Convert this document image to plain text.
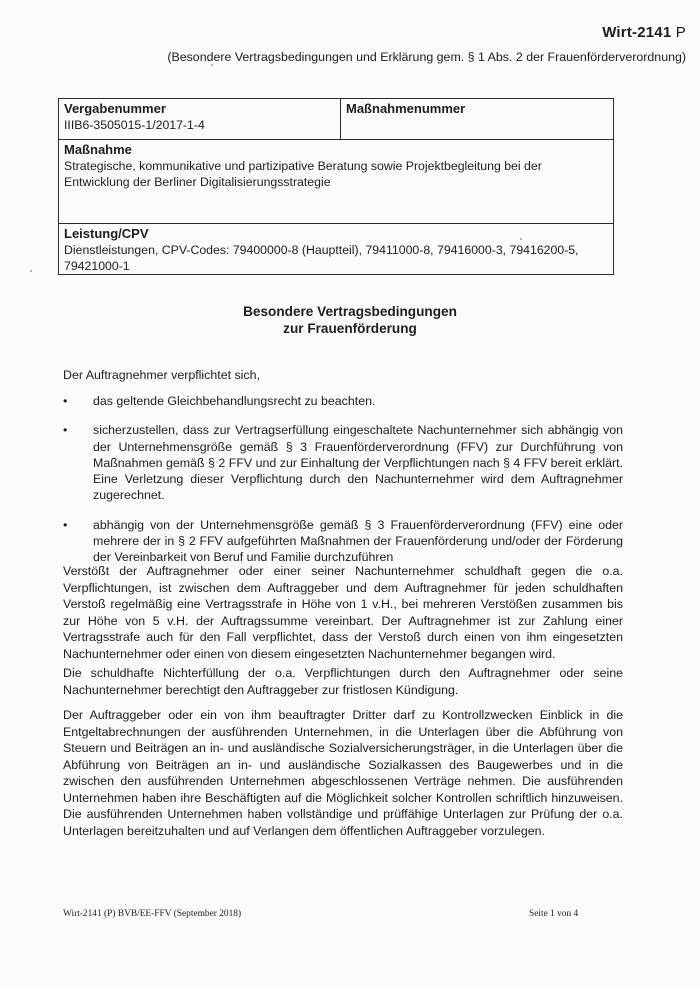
Wirt-2141 P
(Besondere Vertragsbedingungen und Erklärung gem. § 1 Abs. 2 der Frauenförderverordnung)
Vergabenummer
IIIB6-3505015-1/2017-1-4

Maßnahmenummer

Maßnahme
Strategische, kommunikative und partizipative Beratung sowie Projektbegleitung bei der Entwicklung der Berliner Digitalisierungsstrategie

Leistung/CPV
Dienstleistungen, CPV-Codes: 79400000-8 (Hauptteil), 79411000-8, 79416000-3, 79416200-5, 79421000-1
Besondere Vertragsbedingungen
zur Frauenförderung
Der Auftragnehmer verpflichtet sich,
• das geltende Gleichbehandlungsrecht zu beachten.
• sicherzustellen, dass zur Vertragserfüllung eingeschaltete Nachunternehmer sich abhängig von der Unternehmensgröße gemäß § 3 Frauenförderverordnung (FFV) zur Durchführung von Maßnahmen gemäß § 2 FFV und zur Einhaltung der Verpflichtungen nach § 4 FFV bereit erklärt. Eine Verletzung dieser Verpflichtung durch den Nachunternehmer wird dem Auftragnehmer zugerechnet.
• abhängig von der Unternehmensgröße gemäß § 3 Frauenförderverordnung (FFV) eine oder mehrere der in § 2 FFV aufgeführten Maßnahmen der Frauenförderung und/oder der Förderung der Vereinbarkeit von Beruf und Familie durchzuführen
Verstößt der Auftragnehmer oder einer seiner Nachunternehmer schuldhaft gegen die o.a. Verpflichtungen, ist zwischen dem Auftraggeber und dem Auftragnehmer für jeden schuldhaften Verstoß regelmäßig eine Vertragsstrafe in Höhe von 1 v.H., bei mehreren Verstößen zusammen bis zur Höhe von 5 v.H. der Auftragssumme vereinbart. Der Auftragnehmer ist zur Zahlung einer Vertragsstrafe auch für den Fall verpflichtet, dass der Verstoß durch einen von ihm eingesetzten Nachunternehmer oder einen von diesem eingesetzten Nachunternehmer begangen wird.
Die schuldhafte Nichterfüllung der o.a. Verpflichtungen durch den Auftragnehmer oder seine Nachunternehmer berechtigt den Auftraggeber zur fristlosen Kündigung.
Der Auftraggeber oder ein von ihm beauftragter Dritter darf zu Kontrollzwecken Einblick in die Entgeltabrechnungen der ausführenden Unternehmen, in die Unterlagen über die Abführung von Steuern und Beiträgen an in- und ausländische Sozialversicherungsträger, in die Unterlagen über die Abführung von Beiträgen an in- und ausländische Sozialkassen des Baugewerbes und in die zwischen den ausführenden Unternehmen abgeschlossenen Verträge nehmen. Die ausführenden Unternehmen haben ihre Beschäftigten auf die Möglichkeit solcher Kontrollen schriftlich hinzuweisen. Die ausführenden Unternehmen haben vollständige und prüffähige Unterlagen zur Prüfung der o.a. Unterlagen bereitzuhalten und auf Verlangen dem öffentlichen Auftraggeber vorzulegen.
Wirt-2141 (P) BVB/EE-FFV (September 2018)	Seite 1 von 4
